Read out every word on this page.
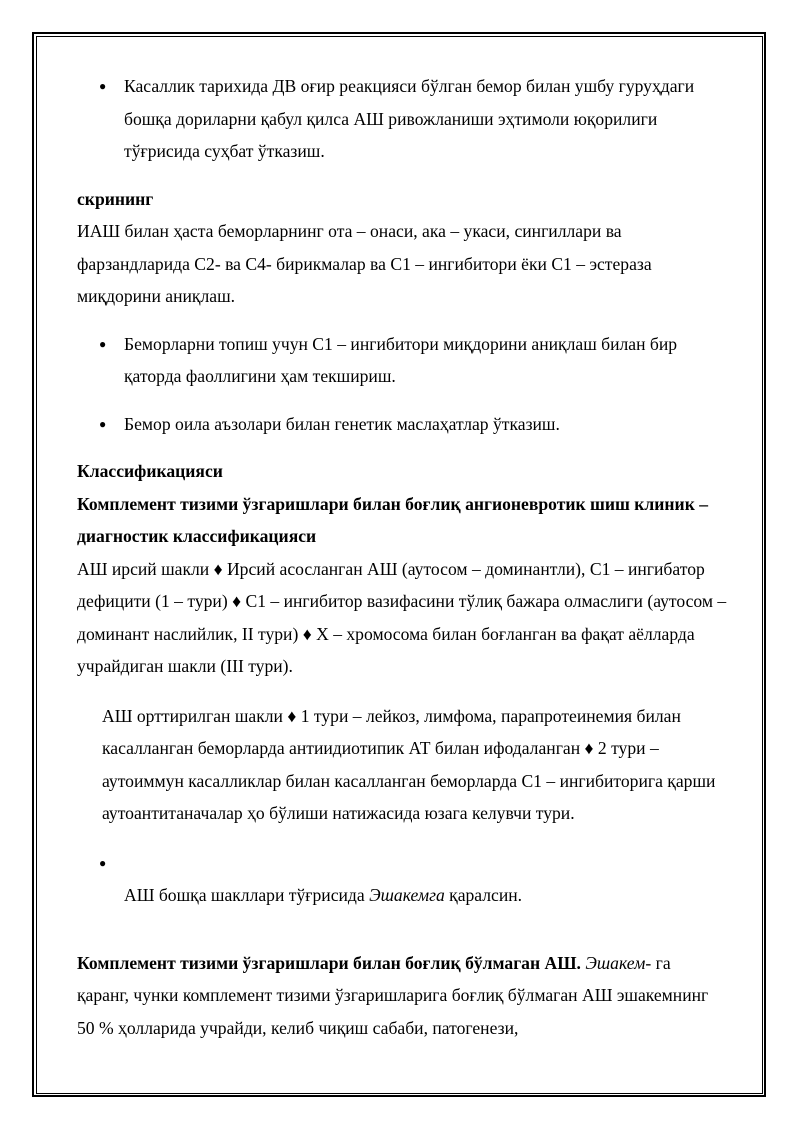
● Касаллик тарихида ДВ оғир реакцияси бўлган бемор билан ушбу гуруҳдаги бошқа дориларни қабул қилса АШ ривожланиши эҳтимоли юқорилиги тўғрисида суҳбат ўтказиш.

скрининг

ИАШ билан ҳаста беморларнинг ота – онаси, ака – укаси, сингиллари ва фарзандларида С2- ва С4- бирикмалар ва С1 – ингибитори ёки С1 – эстераза миқдорини аниқлаш.

● Беморларни топиш учун С1 – ингибитори миқдорини аниқлаш билан бир қаторда фаоллигини ҳам текшириш.

● Бемор оила аъзолари билан генетик маслаҳатлар ўтказиш.

Классификацияси

Комплемент тизими ўзгаришлари билан боғлиқ ангионевротик шиш клиник – диагностик классификацияси

АШ ирсий шакли ♦ Ирсий асосланган АШ (аутосом – доминантли), С1 – ингибатор дефицити (1 – тури) ♦ С1 – ингибитор вазифасини тўлиқ бажара олмаслиги (аутосом – доминант наслийлик, II тури) ♦ Х – хромосома билан боғланган ва фақат аёлларда учрайдиган шакли (III тури).

АШ орттирилган шакли ♦ 1 тури – лейкоз, лимфома, парапротеинемия билан касалланган беморларда антиидиотипик АТ билан ифодаланган ♦ 2 тури – аутоиммун касалликлар билан касалланган беморларда С1 – ингибиторига қарши аутоантитаначалар ҳо бўлиши натижасида юзага келувчи тури.

●

АШ бошқа шакллари тўғрисида Эшакемга қаралсин.

Комплемент тизими ўзгаришлари билан боғлиқ бўлмаган АШ. Эшакем- га қаранг, чунки комплемент тизими ўзгаришларига боғлиқ бўлмаган АШ эшакемнинг 50 % ҳолларида учрайди, келиб чиқиш сабаби, патогенези,
